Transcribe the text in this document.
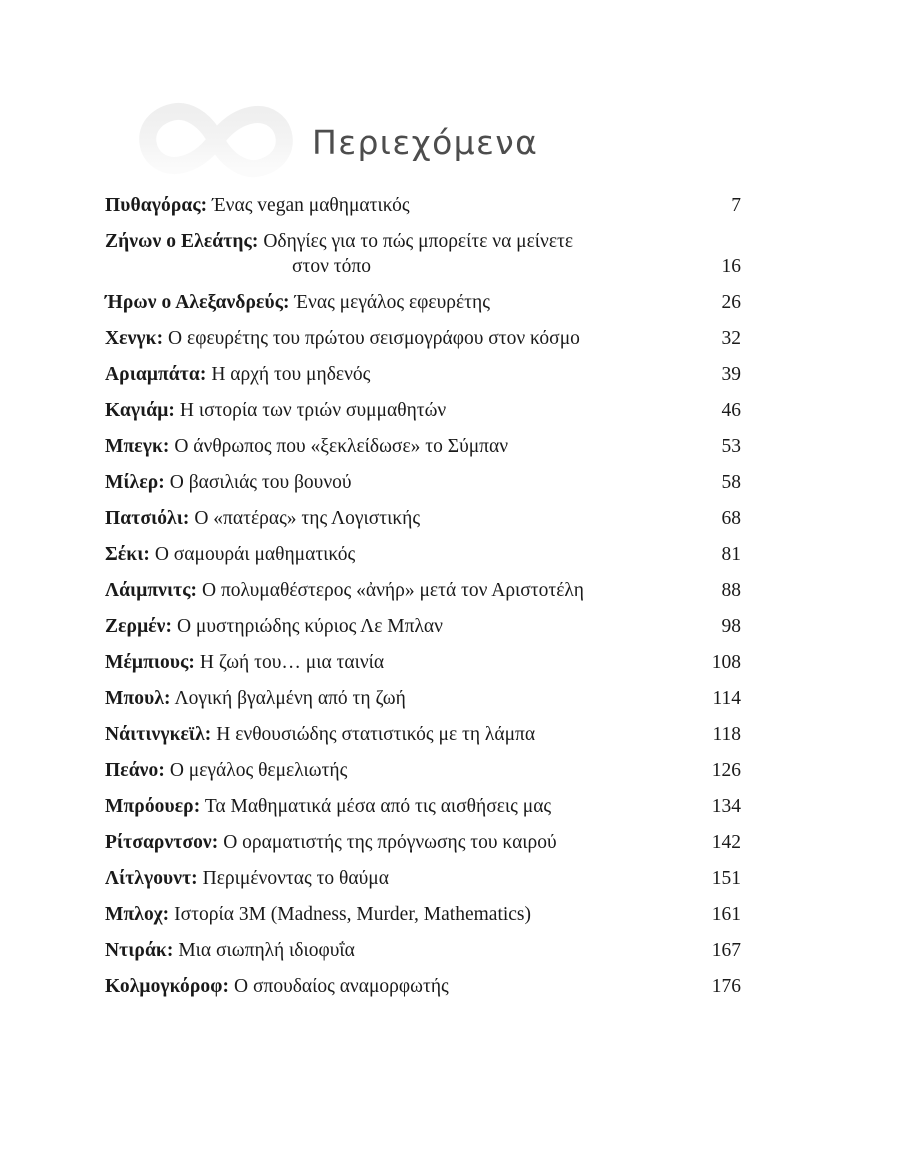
Περιεχόμενα
Πυθαγόρας: Ένας vegan μαθηματικός .....	7
Ζήνων ο Ελεάτης: Οδηγίες για το πώς μπορείτε να μείνετε
στον τόπο .....	16
Ήρων ο Αλεξανδρεύς: Ένας μεγάλος εφευρέτης .....	26
Χενγκ: Ο εφευρέτης του πρώτου σεισμογράφου στον κόσμο .....	32
Αριαμπάτα: Η αρχή του μηδενός .....	39
Καγιάμ: Η ιστορία των τριών συμμαθητών .....	46
Μπεγκ: Ο άνθρωπος που «ξεκλείδωσε» το Σύμπαν .....	53
Μίλερ: Ο βασιλιάς του βουνού .....	58
Πατσιόλι: Ο «πατέρας» της Λογιστικής .....	68
Σέκι: Ο σαμουράι μαθηματικός .....	81
Λάιμπνιτς: Ο πολυμαθέστερος «ἀνήρ» μετά τον Αριστοτέλη .....	88
Ζερμέν: Ο μυστηριώδης κύριος Λε Μπλαν .....	98
Μέμπιους: Η ζωή του… μια ταινία .....	108
Μπουλ: Λογική βγαλμένη από τη ζωή .....	114
Νάιτινγκεϊλ: Η ενθουσιώδης στατιστικός με τη λάμπα .....	118
Πεάνο: Ο μεγάλος θεμελιωτής .....	126
Μπρόουερ: Τα Μαθηματικά μέσα από τις αισθήσεις μας .....	134
Ρίτσαρντσον: Ο οραματιστής της πρόγνωσης του καιρού .....	142
Λίτλγουντ: Περιμένοντας το θαύμα .....	151
Μπλοχ: Ιστορία 3Μ (Madness, Murder, Mathematics) .....	161
Ντιράκ: Μια σιωπηλή ιδιοφυΐα .....	167
Κολμογκόροφ: Ο σπουδαίος αναμορφωτής .....	176
